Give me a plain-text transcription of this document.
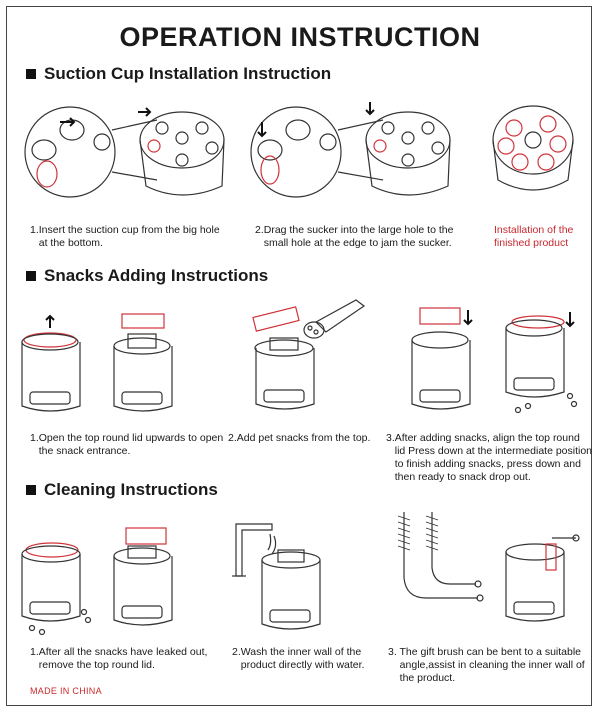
OPERATION INSTRUCTION
Suction Cup Installation Instruction
1.Insert the suction cup from the big hole
at the bottom.
2.Drag the sucker into the large hole to the
small hole at the edge to jam the sucker.
Installation of the
finished product
Snacks Adding Instructions
1.Open the top round lid upwards to open
the snack entrance.
2.Add pet snacks from the top. 3.After adding snacks, align the top round
lid Press down at the intermediate position
to finish adding snacks, press down and
then ready to snack drop out.
Cleaning Instructions
1.After all the snacks have leaked out,
remove the top round lid.
2.Wash the inner wall of the
product directly with water.
3. The gift brush can be bent to a suitable
angle,assist in cleaning the inner wall of
the product.
MADE IN CHINA
